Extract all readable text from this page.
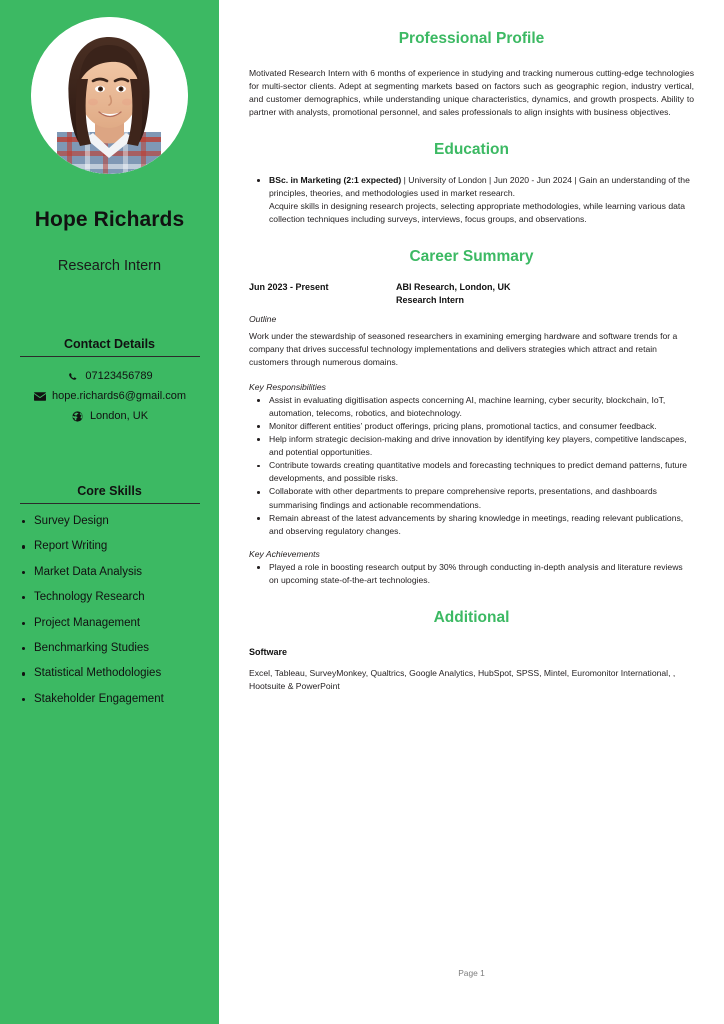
Hope Richards
Research Intern
Contact Details
07123456789
hope.richards6@gmail.com
London, UK
Core Skills
Survey Design
Report Writing
Market Data Analysis
Technology Research
Project Management
Benchmarking Studies
Statistical Methodologies
Stakeholder Engagement
Professional Profile

Motivated Research Intern with 6 months of experience in studying and tracking numerous cutting-edge technologies for multi-sector clients. Adept at segmenting markets based on factors such as geographic region, industry vertical, and customer demographics, while understanding unique characteristics, dynamics, and growth prospects. Ability to partner with analysts, promotional personnel, and sales professionals to align insights with business objectives.

Education
BSc. in Marketing (2:1 expected) | University of London | Jun 2020 - Jun 2024 | Gain an understanding of the principles, theories, and methodologies used in market research.
Acquire skills in designing research projects, selecting appropriate methodologies, while learning various data collection techniques including surveys, interviews, focus groups, and observations.
Career Summary
Jun 2023 - Present	ABI Research, London, UK
Research Intern

Outline

Work under the stewardship of seasoned researchers in examining emerging hardware and software trends for a company that drives successful technology implementations and delivers strategies which attract and retain customers through numerous domains.

Key Responsibilities

Assist in evaluating digitlisation aspects concerning AI, machine learning, cyber security, blockchain, IoT, automation, telecoms, robotics, and biotechnology.
Monitor different entities’ product offerings, pricing plans, promotional tactics, and consumer feedback.
Help inform strategic decision-making and drive innovation by identifying key players, competitive landscapes, and potential opportunities.
Contribute towards creating quantitative models and forecasting techniques to predict demand patterns, future developments, and possible risks.
Collaborate with other departments to prepare comprehensive reports, presentations, and dashboards summarising findings and actionable recommendations.
Remain abreast of the latest advancements by sharing knowledge in meetings, reading relevant publications, and observing regulatory changes.

Key Achievements

Played a role in boosting research output by 30% through conducting in-depth analysis and literature reviews on upcoming state-of-the-art technologies.
Additional

Software

Excel, Tableau, SurveyMonkey, Qualtrics, Google Analytics, HubSpot, SPSS, Mintel, Euromonitor International, , Hootsuite & PowerPoint

Page 1
